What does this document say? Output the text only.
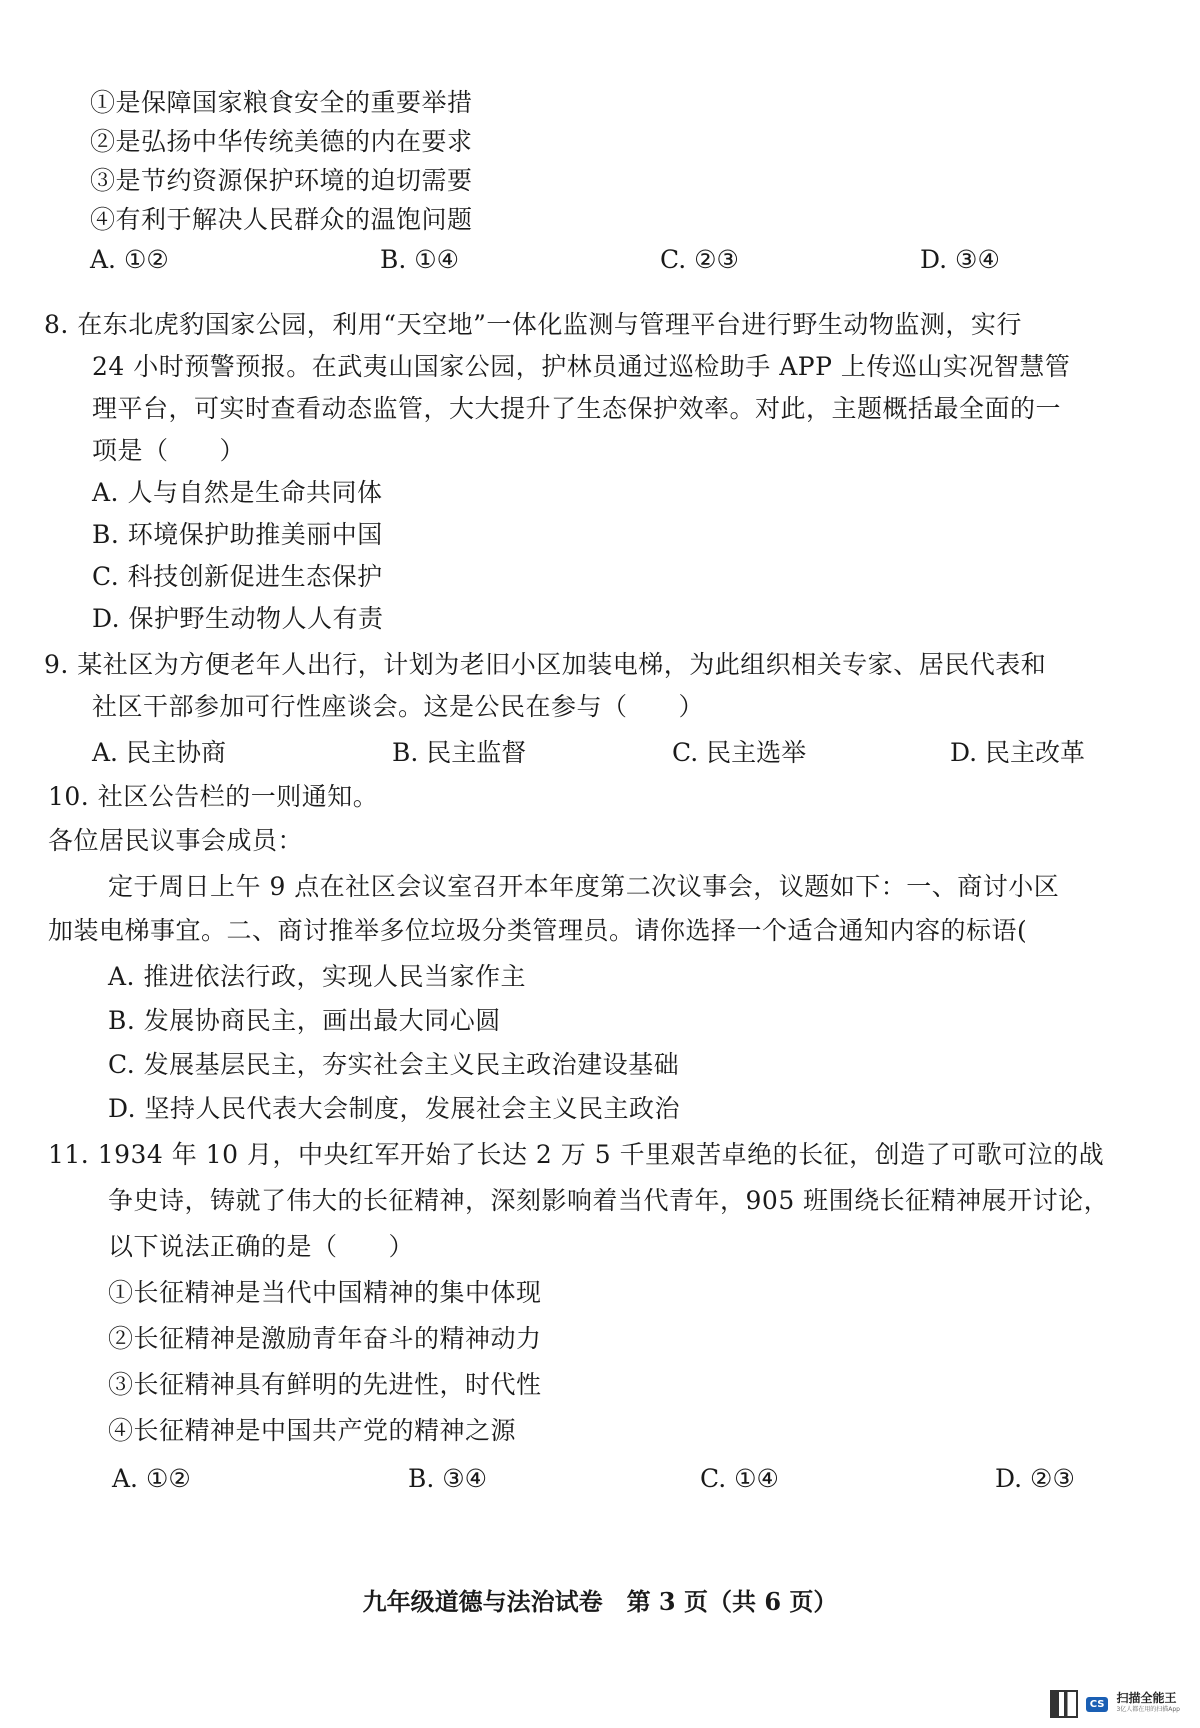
①是保障国家粮食安全的重要举措
②是弘扬中华传统美德的内在要求
③是节约资源保护环境的迫切需要
④有利于解决人民群众的温饱问题
A. ①②	B. ①④	C. ②③	D. ③④
8. 在东北虎豹国家公园，利用“天空地”一体化监测与管理平台进行野生动物监测，实行
24 小时预警预报。在武夷山国家公园，护林员通过巡检助手 APP 上传巡山实况智慧管
理平台，可实时查看动态监管，大大提升了生态保护效率。对此，主题概括最全面的一
项是（　　）
A. 人与自然是生命共同体
B. 环境保护助推美丽中国
C. 科技创新促进生态保护
D. 保护野生动物人人有责
9. 某社区为方便老年人出行，计划为老旧小区加装电梯，为此组织相关专家、居民代表和
社区干部参加可行性座谈会。这是公民在参与（　　）
A. 民主协商	B. 民主监督	C. 民主选举	D. 民主改革
10. 社区公告栏的一则通知。
各位居民议事会成员：
定于周日上午 9 点在社区会议室召开本年度第二次议事会，议题如下：一、商讨小区
加装电梯事宜。二、商讨推举多位垃圾分类管理员。请你选择一个适合通知内容的标语(
A. 推进依法行政，实现人民当家作主
B. 发展协商民主，画出最大同心圆
C. 发展基层民主，夯实社会主义民主政治建设基础
D. 坚持人民代表大会制度，发展社会主义民主政治
11. 1934 年 10 月，中央红军开始了长达 2 万 5 千里艰苦卓绝的长征，创造了可歌可泣的战
争史诗，铸就了伟大的长征精神，深刻影响着当代青年，905 班围绕长征精神展开讨论，
以下说法正确的是（　　）
①长征精神是当代中国精神的集中体现
②长征精神是激励青年奋斗的精神动力
③长征精神具有鲜明的先进性，时代性
④长征精神是中国共产党的精神之源
A. ①②	B. ③④	C. ①④	D. ②③
九年级道德与法治试卷　第 3 页（共 6 页）
CS	扫描全能王
3亿人都在用的扫描App
